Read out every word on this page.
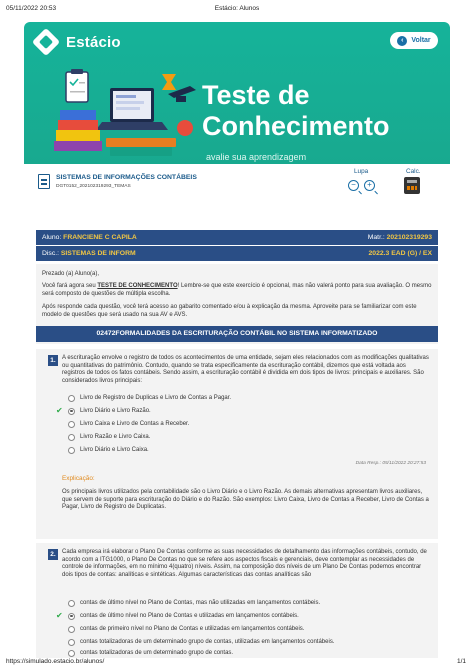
05/11/2022 20:53	Estácio: Alunos
Estácio	‹	Voltar
Teste de
Conhecimento
avalie sua aprendizagem
SISTEMAS DE INFORMAÇÕES CONTÁBEIS
DGT0152_202102319293_TEMAS
Lupa	Calc.
−	+
Aluno: FRANCIENE C CAPILA	Matr.: 202102319293
Disc.: SISTEMAS DE INFORM	2022.3 EAD (G) / EX

Prezado (a) Aluno(a),

Você fará agora seu TESTE DE CONHECIMENTO! Lembre-se que este exercício é opcional, mas não valerá ponto para sua avaliação. O mesmo será composto de questões de múltipla escolha.

Após responde cada questão, você terá acesso ao gabarito comentado e/ou à explicação da mesma. Aproveite para se familiarizar com este modelo de questões que será usado na sua AV e AVS.

02472FORMALIDADES DA ESCRITURAÇÃO CONTÁBIL NO SISTEMA INFORMATIZADO
1.	A escrituração envolve o registro de todos os acontecimentos de uma entidade, sejam eles relacionados com as modificações qualitativas ou quantitativas do patrimônio. Contudo, quando se trata especificamente da escrituração contábil, dizemos que está voltada aos registros de todos os fatos contábeis. Sendo assim, a escrituração contábil é dividida em dois tipos de livros: principais e auxiliares. São considerados livros principais:
✔
Livro de Registro de Duplicas e Livro de Contas a Pagar.
Livro Diário e Livro Razão.
Livro Caixa e Livro de Contas a Receber.
Livro Razão e Livro Caixa.
Livro Diário e Livro Caixa.
Data Resp.: 05/11/2022 20:27:53
Explicação:
Os principais livros utilizados pela contabilidade são o Livro Diário e o Livro Razão. As demais alternativas apresentam livros auxiliares, que servem de suporte para escrituração do Diário e do Razão. São exemplos: Livro Caixa, Livro de Contas a Receber, Livro de Contas a Pagar, Livro de Registro de Duplicatas.
2.	Cada empresa irá elaborar o Plano De Contas conforme as suas necessidades de detalhamento das informações contábeis, contudo, de acordo com a ITG1000, o Plano De Contas no que se refere aos aspectos fiscais e gerenciais, deve contemplar as necessidades de controle de informações, em no mínimo 4(quatro) níveis. Assim, na composição dos níveis de um Plano De Contas podemos encontrar dois tipos de contas: analíticas e sintéticas. Algumas características das contas analíticas são
✔
contas de último nível no Plano de Contas, mas não utilizadas em lançamentos contábeis.
contas de último nível no Plano de Contas e utilizadas em lançamentos contábeis.
contas de primeiro nível no Plano de Contas e utilizadas em lançamentos contábeis.
contas totalizadoras de um determinado grupo de contas, utilizadas em lançamentos contábeis.
contas totalizadoras de um determinado grupo de contas.
https://simulado.estacio.br/alunos/	1/1
